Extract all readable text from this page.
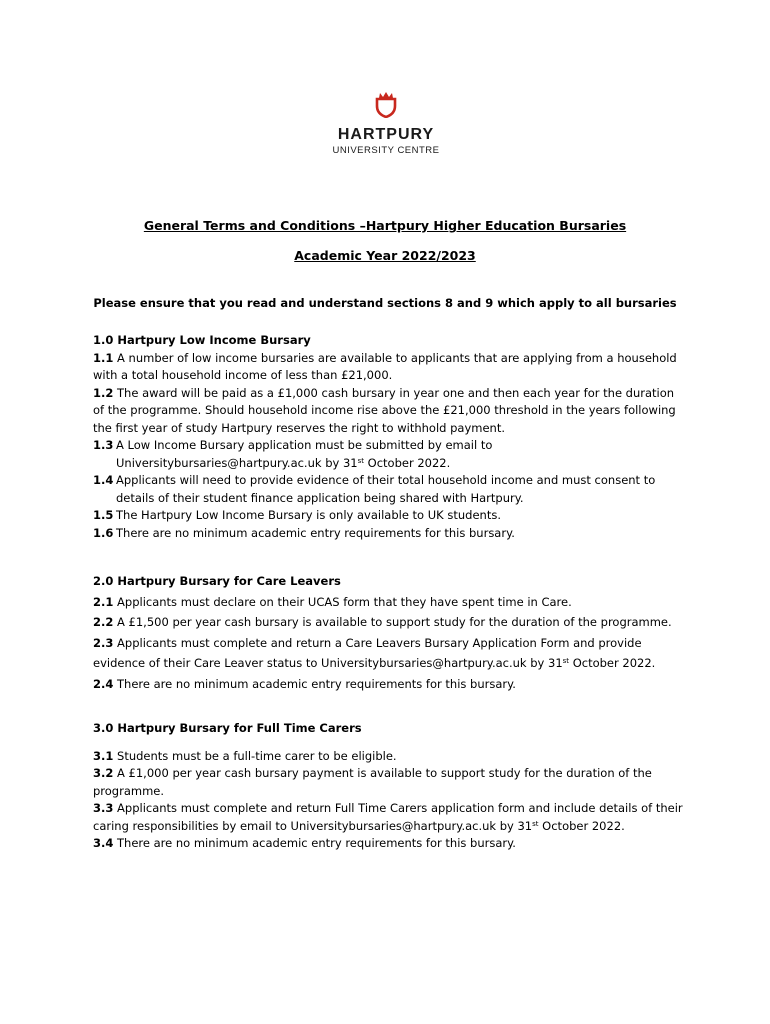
HARTPURY
UNIVERSITY CENTRE
General Terms and Conditions –Hartpury Higher Education Bursaries
Academic Year 2022/2023
Please ensure that you read and understand sections 8 and 9 which apply to all bursaries
1.0 Hartpury Low Income Bursary

1.1 A number of low income bursaries are available to applicants that are applying from a household with a total household income of less than £21,000.

1.2 The award will be paid as a £1,000 cash bursary in year one and then each year for the duration of the programme. Should household income rise above the £21,000 threshold in the years following the first year of study Hartpury reserves the right to withhold payment.

1.3 A Low Income Bursary application must be submitted by email to Universitybursaries@hartpury.ac.uk by 31st October 2022.

1.4 Applicants will need to provide evidence of their total household income and must consent to details of their student finance application being shared with Hartpury.

1.5 The Hartpury Low Income Bursary is only available to UK students.

1.6 There are no minimum academic entry requirements for this bursary.

2.0 Hartpury Bursary for Care Leavers

2.1 Applicants must declare on their UCAS form that they have spent time in Care.

2.2 A £1,500 per year cash bursary is available to support study for the duration of the programme.

2.3 Applicants must complete and return a Care Leavers Bursary Application Form and provide evidence of their Care Leaver status to Universitybursaries@hartpury.ac.uk by 31st October 2022.

2.4 There are no minimum academic entry requirements for this bursary.

3.0 Hartpury Bursary for Full Time Carers

3.1 Students must be a full-time carer to be eligible.

3.2 A £1,000 per year cash bursary payment is available to support study for the duration of the programme.

3.3 Applicants must complete and return Full Time Carers application form and include details of their caring responsibilities by email to Universitybursaries@hartpury.ac.uk by 31st October 2022.

3.4 There are no minimum academic entry requirements for this bursary.
